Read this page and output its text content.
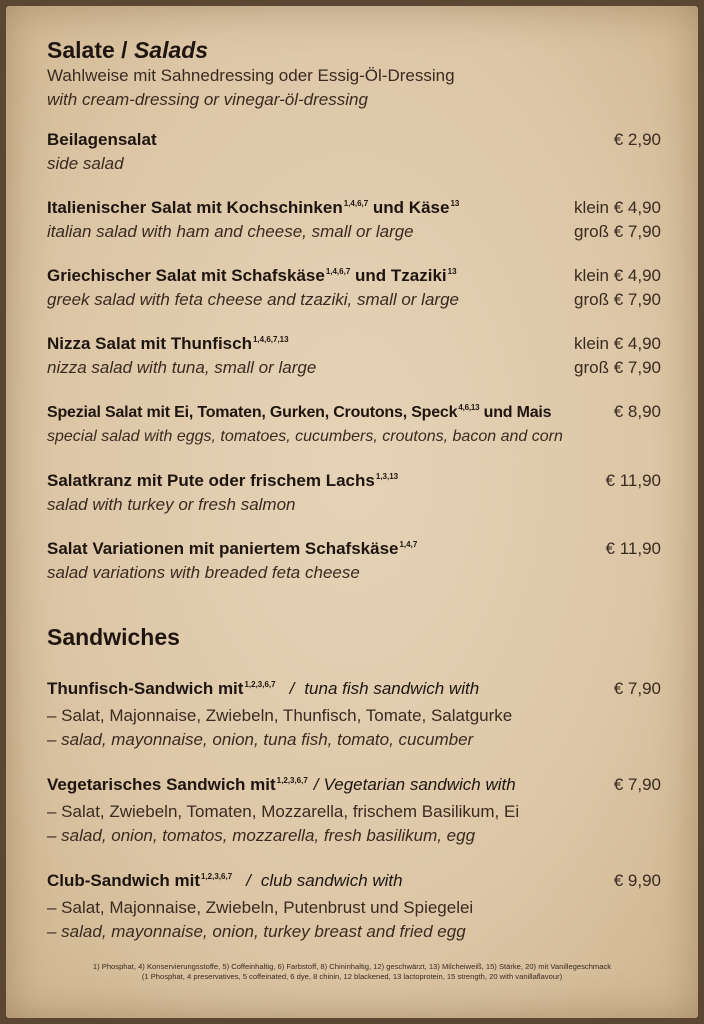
Salate / Salads
Wahlweise mit Sahnedressing oder Essig-Öl-Dressing
with cream-dressing or vinegar-öl-dressing
Beilagensalat	€ 2,90
side salad
Italienischer Salat mit Kochschinken$^{1,4,6,7}$ und Käse$^{13}$	klein € 4,90
italian salad with ham and cheese, small or large	groß € 7,90
Griechischer Salat mit Schafskäse$^{1,4,6,7}$ und Tzaziki$^{13}$	klein € 4,90
greek salad with feta cheese and tzaziki, small or large	groß € 7,90
Nizza Salat mit Thunfisch$^{1,4,6,7,13}$	klein € 4,90
nizza salad with tuna, small or large	groß € 7,90
Spezial Salat mit Ei, Tomaten, Gurken, Croutons, Speck$^{4,6,13}$ und Mais	€ 8,90
special salad with eggs, tomatoes, cucumbers, croutons, bacon and corn
Salatkranz mit Pute oder frischem Lachs$^{1,3,13}$	€ 11,90
salad with turkey or fresh salmon
Salat Variationen mit paniertem Schafskäse$^{1,4,7}$	€ 11,90
salad variations with breaded feta cheese
Sandwiches
Thunfisch-Sandwich mit$^{1,2,3,6,7}$ / tuna fish sandwich with	€ 7,90
– Salat, Majonnaise, Zwiebeln, Thunfisch, Tomate, Salatgurke
– salad, mayonnaise, onion, tuna fish, tomato, cucumber
Vegetarisches Sandwich mit$^{1,2,3,6,7}$ / Vegetarian sandwich with	€ 7,90
– Salat, Zwiebeln, Tomaten, Mozzarella, frischem Basilikum, Ei
– salad, onion, tomatos, mozzarella, fresh basilikum, egg
Club-Sandwich mit$^{1,2,3,6,7}$ / club sandwich with	€ 9,90
– Salat, Majonnaise, Zwiebeln, Putenbrust und Spiegelei
– salad, mayonnaise, onion, turkey breast and fried egg
1) Phosphat, 4) Konservierungsstoffe, 5) Coffeinhaltig, 6) Farbstoff, 8) Chininhaltig, 12) geschwärzt, 13) Milcheiweiß, 15) Stärke, 20) mit Vanillegeschmack
(1 Phosphat, 4 preservatives, 5 coffeinated, 6 dye, 8 chinin, 12 blackened, 13 lactoprotein, 15 strength, 20 with vanillaflavour)
